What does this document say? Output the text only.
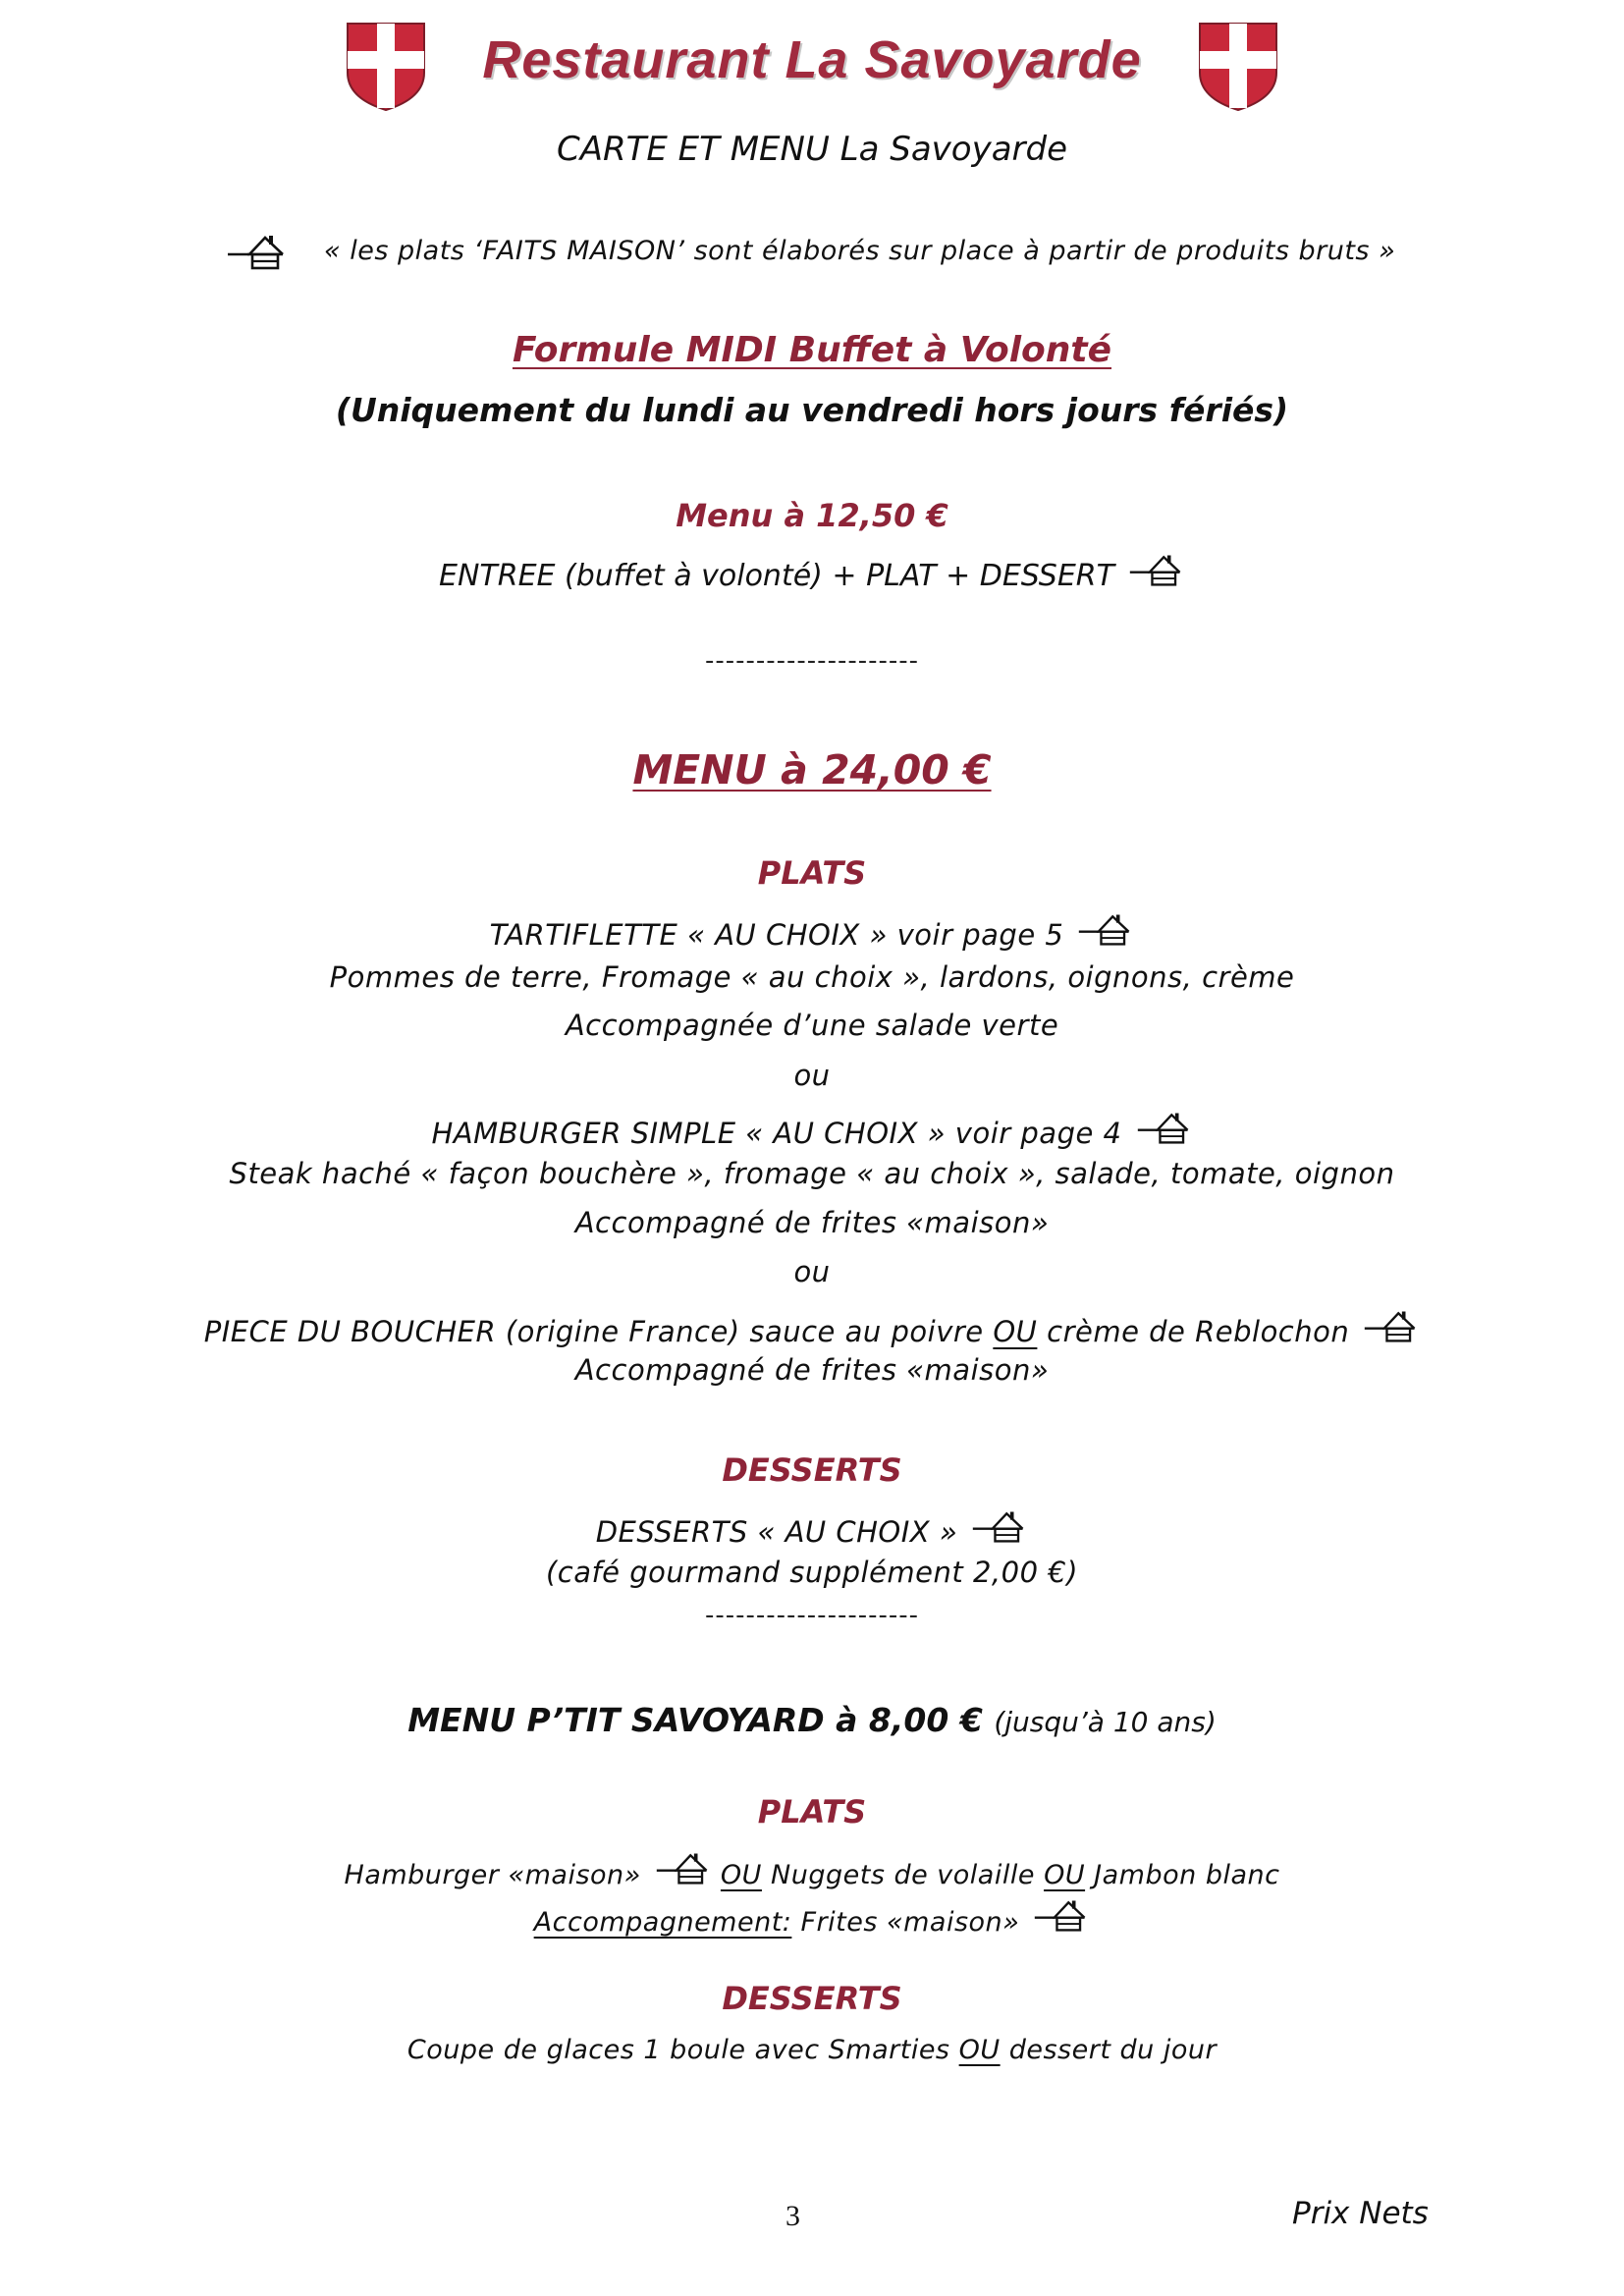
Restaurant La Savoyarde
CARTE ET MENU La Savoyarde
« les plats ‘FAITS MAISON’ sont élaborés sur place à partir de produits bruts »
Formule MIDI Buffet à Volonté
(Uniquement du lundi au vendredi hors jours fériés)
Menu à 12,50 €
ENTREE (buffet à volonté) + PLAT + DESSERT
---------------------
MENU à 24,00 €
PLATS
TARTIFLETTE « AU CHOIX » voir page 5
Pommes de terre, Fromage « au choix », lardons, oignons, crème
Accompagnée d’une salade verte
ou
HAMBURGER SIMPLE « AU CHOIX » voir page 4
Steak haché « façon bouchère », fromage « au choix », salade, tomate, oignon
Accompagné de frites «maison»
ou
PIECE DU BOUCHER (origine France) sauce au poivre OU crème de Reblochon
Accompagné de frites «maison»
DESSERTS
DESSERTS « AU CHOIX »
(café gourmand supplément 2,00 €)
---------------------
MENU P’TIT SAVOYARD à 8,00 € (jusqu’à 10 ans)
PLATS
Hamburger «maison»	OU Nuggets de volaille OU Jambon blanc
Accompagnement: Frites «maison»
DESSERTS
Coupe de glaces 1 boule avec Smarties OU dessert du jour
3	Prix Nets
